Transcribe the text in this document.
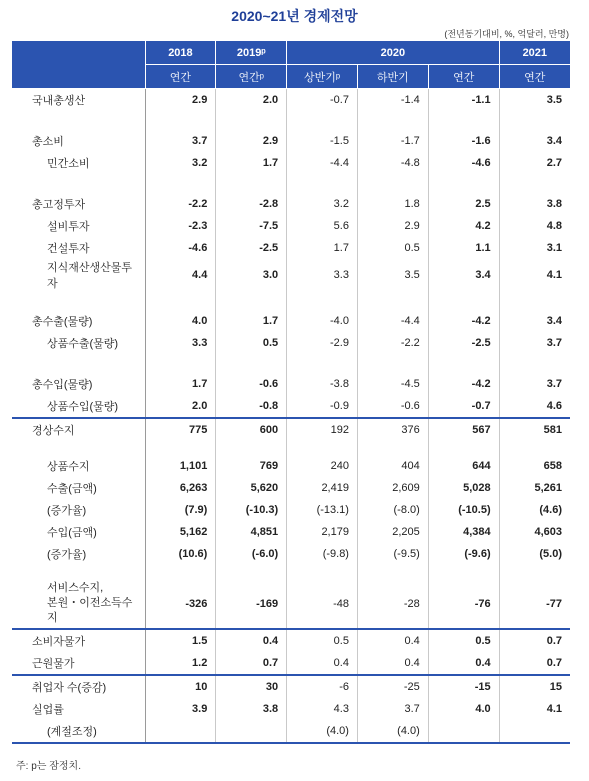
2020~21년 경제전망
(전년동기대비, %, 억달러, 만명)
	2018	2019ᵖ	2020			2021
	연간	연간ᵖ	상반기ᵖ	하반기	연간	연간
국내총생산	2.9	2.0	-0.7	-1.4	-1.1	3.5

총소비	3.7	2.9	-1.5	-1.7	-1.6	3.4
민간소비	3.2	1.7	-4.4	-4.8	-4.6	2.7

총고정투자	-2.2	-2.8	3.2	1.8	2.5	3.8
설비투자	-2.3	-7.5	5.6	2.9	4.2	4.8
건설투자	-4.6	-2.5	1.7	0.5	1.1	3.1
지식재산생산물투자	4.4	3.0	3.3	3.5	3.4	4.1

총수출(물량)	4.0	1.7	-4.0	-4.4	-4.2	3.4
상품수출(물량)	3.3	0.5	-2.9	-2.2	-2.5	3.7

총수입(물량)	1.7	-0.6	-3.8	-4.5	-4.2	3.7
상품수입(물량)	2.0	-0.8	-0.9	-0.6	-0.7	4.6
경상수지	775	600	192	376	567	581

상품수지	1,101	769	240	404	644	658
수출(금액)	6,263	5,620	2,419	2,609	5,028	5,261
(증가율)	(7.9)	(-10.3)	(-13.1)	(-8.0)	(-10.5)	(4.6)
수입(금액)	5,162	4,851	2,179	2,205	4,384	4,603
(증가율)	(10.6)	(-6.0)	(-9.8)	(-9.5)	(-9.6)	(5.0)

서비스수지,
본원・이전소득수지	-326	-169	-48	-28	-76	-77
소비자물가	1.5	0.4	0.5	0.4	0.5	0.7
근원물가	1.2	0.7	0.4	0.4	0.4	0.7
취업자 수(증감)	10	30	-6	-25	-15	15
실업률	3.9	3.8	4.3	3.7	4.0	4.1
(계절조정)			(4.0)	(4.0)		
주: p는 잠정치.
